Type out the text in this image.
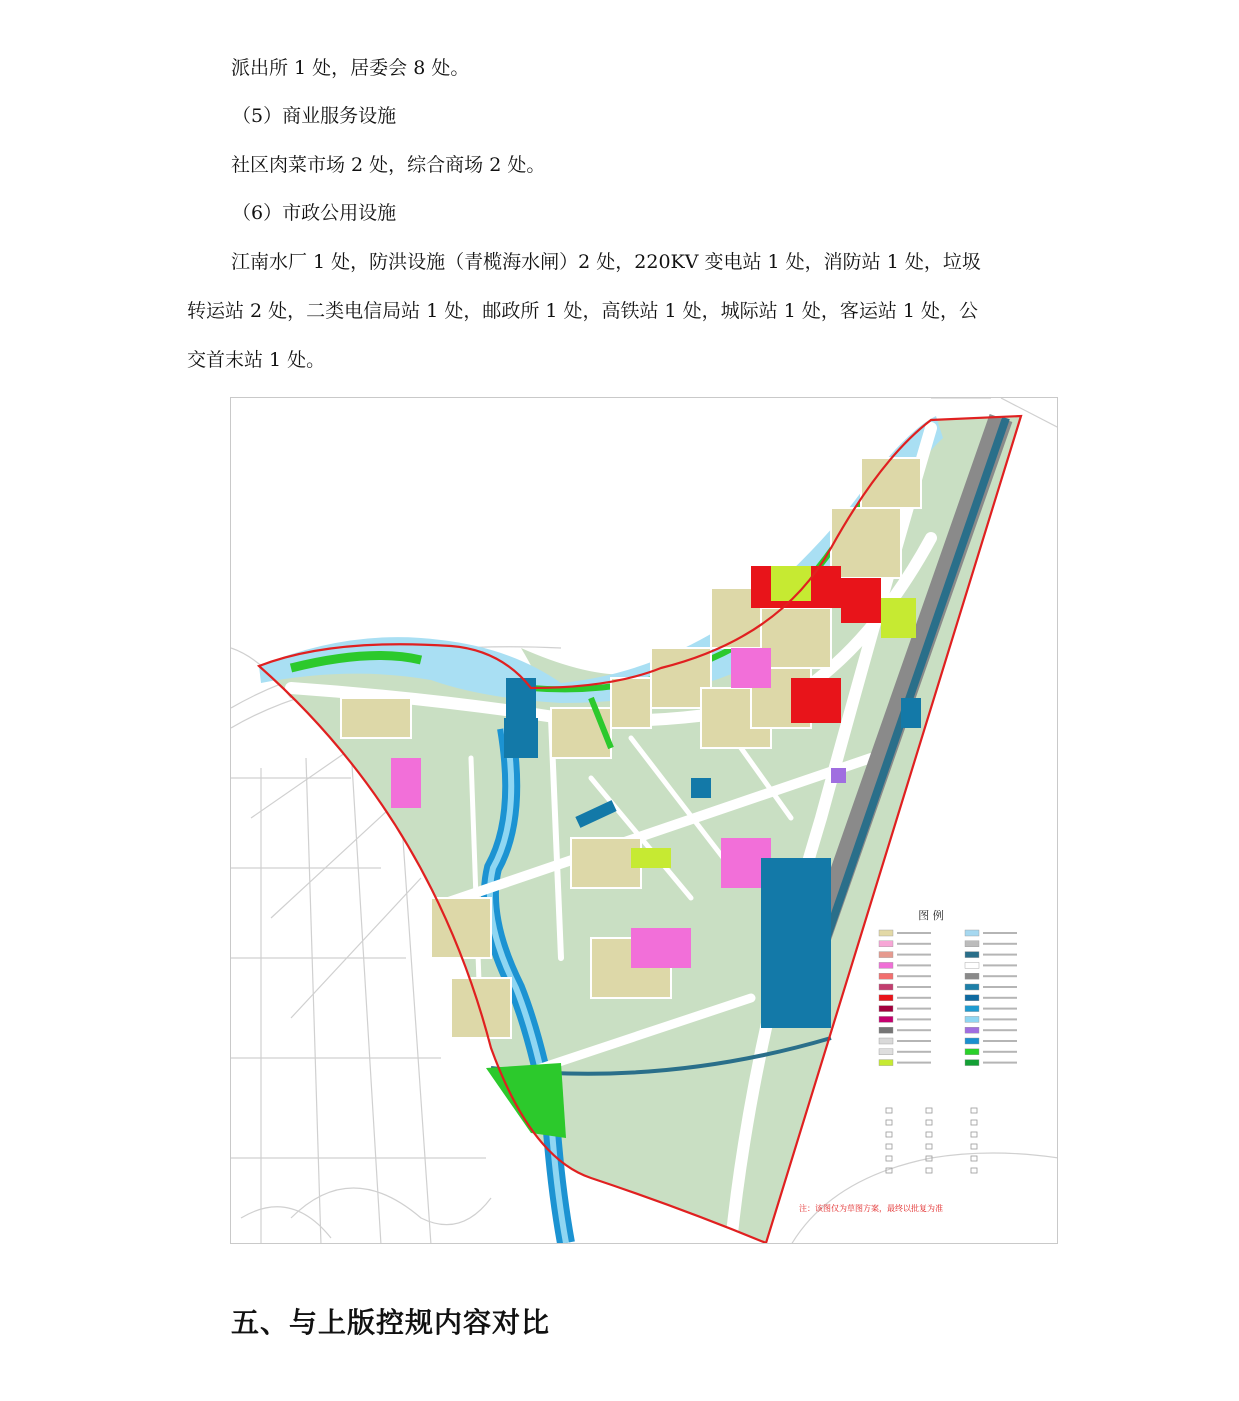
派出所 1 处，居委会 8 处。
（5）商业服务设施
社区肉菜市场 2 处，综合商场 2 处。
（6）市政公用设施
江南水厂 1 处，防洪设施（青榄海水闸）2 处，220KV 变电站 1 处，消防站 1 处，垃圾
转运站 2 处，二类电信局站 1 处，邮政所 1 处，高铁站 1 处，城际站 1 处，客运站 1 处，公
交首末站 1 处。
图 例
注：该图仅为草图方案，最终以批复为准
五、与上版控规内容对比
